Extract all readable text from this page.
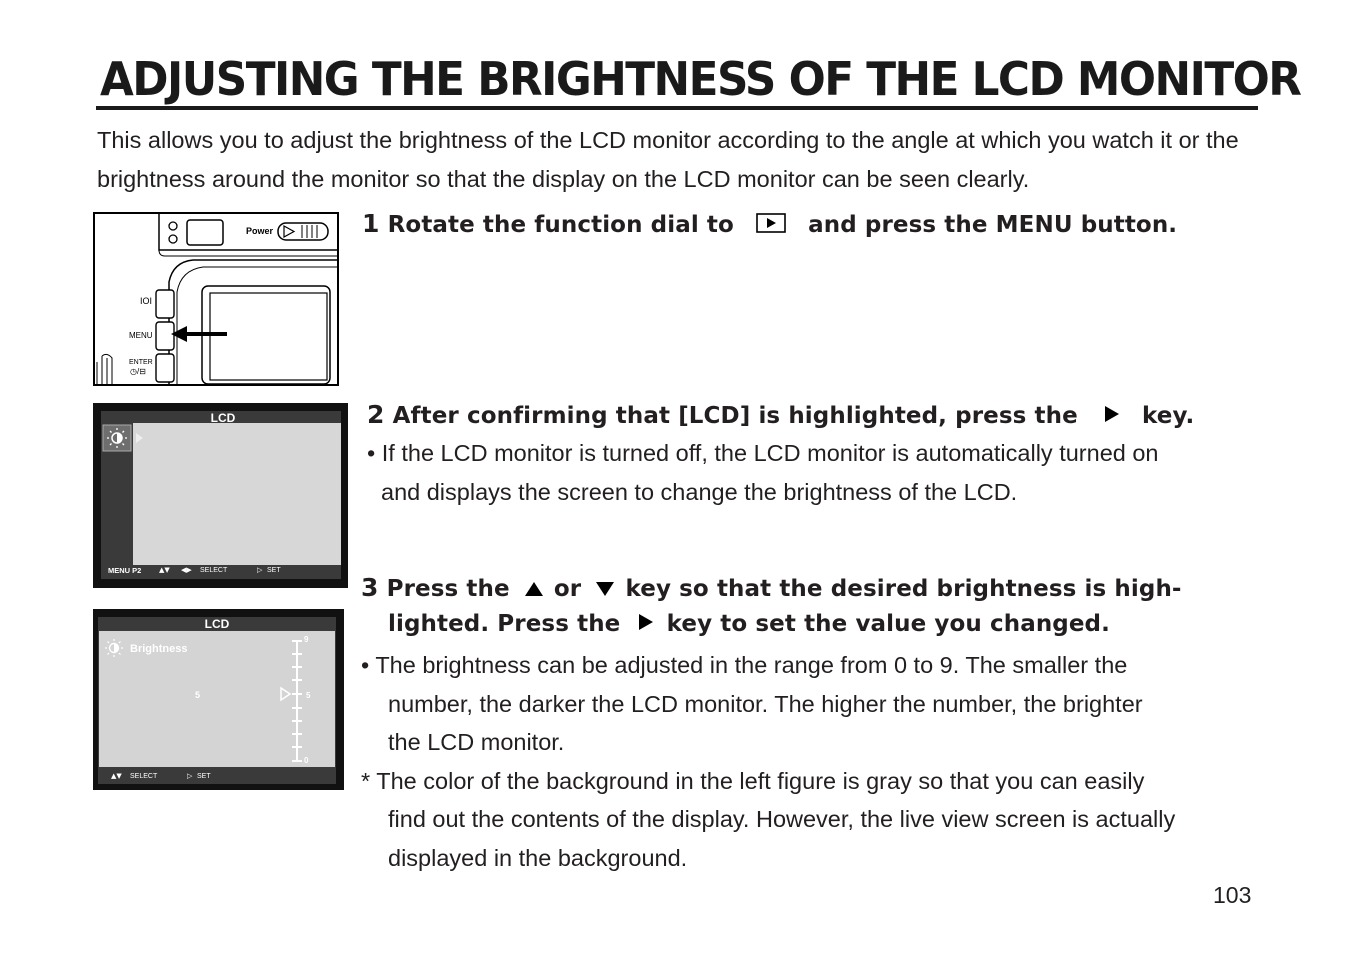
ADJUSTING THE BRIGHTNESS OF THE LCD MONITOR
This allows you to adjust the brightness of the LCD monitor according to the angle at which you watch it or the brightness around the monitor so that the display on the LCD monitor can be seen clearly.
Power
IOI
MENU
ENTER
◷/⊟
LCD
MENU P2	▲▼ ◀▶ SELECT	▷ SET
LCD
Brightness
5
9
5
0
▲▼ SELECT	▷ SET
1 Rotate the function dial to	and press the MENU button.
2 After confirming that [LCD] is highlighted, press the	key.
• If the LCD monitor is turned off, the LCD monitor is automatically turned on
and displays the screen to change the brightness of the LCD.
3 Press the or key so that the desired brightness is high-
lighted. Press the key to set the value you changed.
• The brightness can be adjusted in the range from 0 to 9. The smaller the
number, the darker the LCD monitor. The higher the number, the brighter
the LCD monitor.
* The color of the background in the left figure is gray so that you can easily
find out the contents of the display. However, the live view screen is actually
displayed in the background.
103
